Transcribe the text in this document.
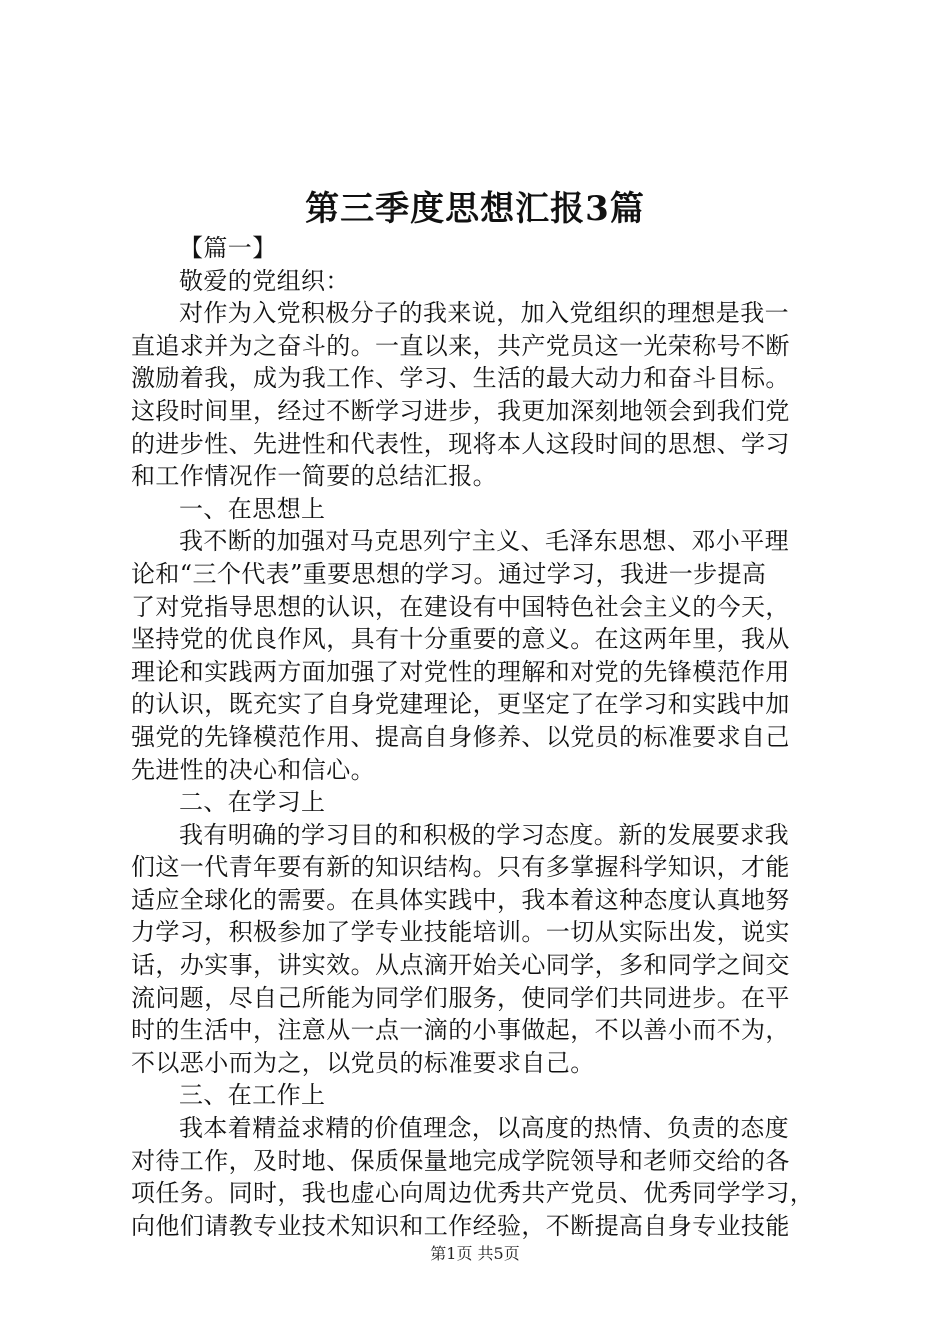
第三季度思想汇报3篇
【篇一】
敬爱的党组织：
对作为入党积极分子的我来说，加入党组织的理想是我一
直追求并为之奋斗的。一直以来，共产党员这一光荣称号不断
激励着我，成为我工作、学习、生活的最大动力和奋斗目标。
这段时间里，经过不断学习进步，我更加深刻地领会到我们党
的进步性、先进性和代表性，现将本人这段时间的思想、学习
和工作情况作一简要的总结汇报。
一、在思想上
我不断的加强对马克思列宁主义、毛泽东思想、邓小平理
论和“三个代表”重要思想的学习。通过学习，我进一步提高
了对党指导思想的认识，在建设有中国特色社会主义的今天，
坚持党的优良作风，具有十分重要的意义。在这两年里，我从
理论和实践两方面加强了对党性的理解和对党的先锋模范作用
的认识，既充实了自身党建理论，更坚定了在学习和实践中加
强党的先锋模范作用、提高自身修养、以党员的标准要求自己
先进性的决心和信心。
二、在学习上
我有明确的学习目的和积极的学习态度。新的发展要求我
们这一代青年要有新的知识结构。只有多掌握科学知识，才能
适应全球化的需要。在具体实践中，我本着这种态度认真地努
力学习，积极参加了学专业技能培训。一切从实际出发，说实
话，办实事，讲实效。从点滴开始关心同学，多和同学之间交
流问题，尽自己所能为同学们服务，使同学们共同进步。在平
时的生活中，注意从一点一滴的小事做起，不以善小而不为，
不以恶小而为之，以党员的标准要求自己。
三、在工作上
我本着精益求精的价值理念，以高度的热情、负责的态度
对待工作，及时地、保质保量地完成学院领导和老师交给的各
项任务。同时，我也虚心向周边优秀共产党员、优秀同学学习，
向他们请教专业技术知识和工作经验，不断提高自身专业技能
第1页 共5页
